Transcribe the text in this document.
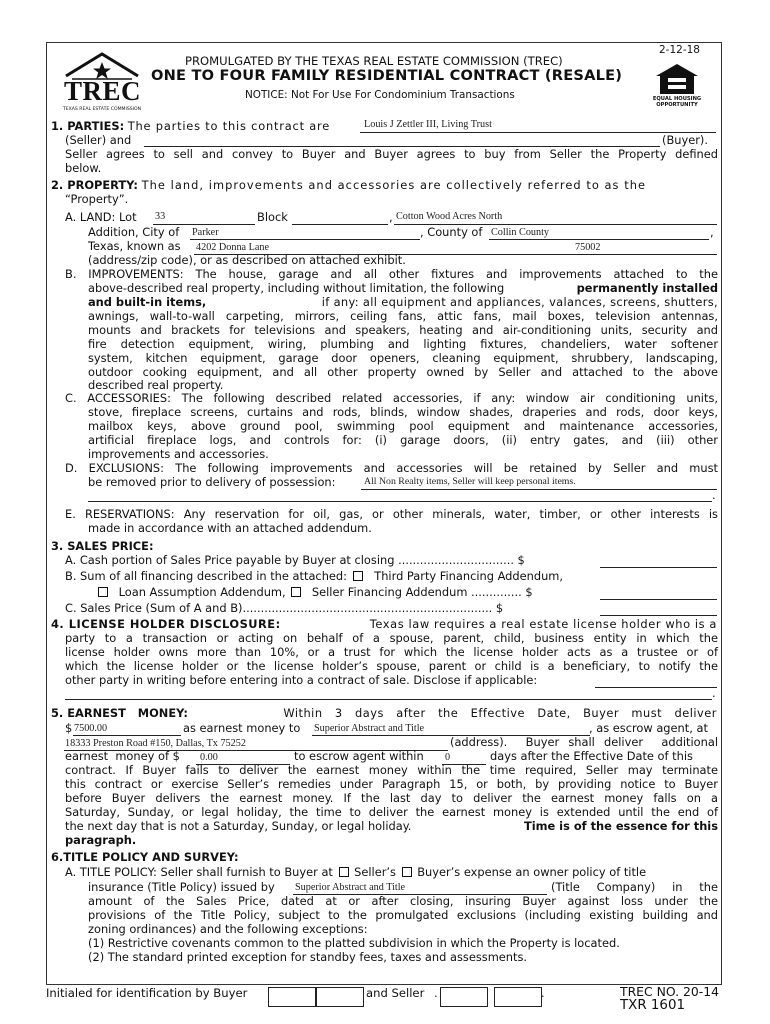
TREC
TEXAS REAL ESTATE COMMISSION
2-12-18
PROMULGATED BY THE TEXAS REAL ESTATE COMMISSION (TREC)
ONE TO FOUR FAMILY RESIDENTIAL CONTRACT (RESALE)
NOTICE: Not For Use For Condominium Transactions	EQUAL HOUSING OPPORTUNITY
1. PARTIES: The parties to this contract are	Louis J Zettler III, Living Trust
(Seller) and	(Buyer).
Seller agrees to sell and convey to Buyer and Buyer agrees to buy from Seller the Property defined
below.
2. PROPERTY: The land, improvements and accessories are collectively referred to as the
“Property”.
A. LAND: Lot 33	Block	, Cotton Wood Acres North
Addition, City of Parker	, County of Collin County	,
Texas, known as 4202 Donna Lane	75002
(address/zip code), or as described on attached exhibit.
B. IMPROVEMENTS: The house, garage and all other fixtures and improvements attached to the
above-described real property, including without limitation, the following	permanently installed
and built-in items,	if any: all equipment and appliances, valances, screens, shutters,
awnings, wall-to-wall carpeting, mirrors, ceiling fans, attic fans, mail boxes, television antennas,
mounts and brackets for televisions and speakers, heating and air-conditioning units, security and
fire detection equipment, wiring, plumbing and lighting fixtures, chandeliers, water softener
system, kitchen equipment, garage door openers, cleaning equipment, shrubbery, landscaping,
outdoor cooking equipment, and all other property owned by Seller and attached to the above
described real property.
C. ACCESSORIES: The following described related accessories, if any: window air conditioning units,
stove, fireplace screens, curtains and rods, blinds, window shades, draperies and rods, door keys,
mailbox keys, above ground pool, swimming pool equipment and maintenance accessories,
artificial fireplace logs, and controls for: (i) garage doors, (ii) entry gates, and (iii) other
improvements and accessories.
D. EXCLUSIONS: The following improvements and accessories will be retained by Seller and must
be removed prior to delivery of possession:	All Non Realty items, Seller will keep personal items.
.
E. RESERVATIONS: Any reservation for oil, gas, or other minerals, water, timber, or other interests is
made in accordance with an attached addendum.
3. SALES PRICE:
A. Cash portion of Sales Price payable by Buyer at closing ................................ $
B. Sum of all financing described in the attached: Third Party Financing Addendum,
Loan Assumption Addendum, Seller Financing Addendum .............. $
C. Sales Price (Sum of A and B)..................................................................... $
4. LICENSE HOLDER DISCLOSURE:	Texas law requires a real estate license holder who is a
party to a transaction or acting on behalf of a spouse, parent, child, business entity in which the
license holder owns more than 10%, or a trust for which the license holder acts as a trustee or of
which the license holder or the license holder’s spouse, parent or child is a beneficiary, to notify the
other party in writing before entering into a contract of sale. Disclose if applicable:
.
5. EARNEST   MONEY:	Within   3   days   after   the   Effective   Date,   Buyer   must   deliver
$ 7500.00	as earnest money to Superior Abstract and Title	, as escrow agent, at
18333 Preston Road #150, Dallas, Tx 75252	(address).  Buyer shall deliver  additional
earnest  money of $ 0.00	to escrow agent within 0	days after the Effective Date of this
contract. If Buyer fails to deliver the earnest money within the time required, Seller may terminate
this contract or exercise Seller’s remedies under Paragraph 15, or both, by providing notice to Buyer
before Buyer delivers the earnest money. If the last day to deliver the earnest money falls on a
Saturday, Sunday, or legal holiday, the time to deliver the earnest money is extended until the end of
the next day that is not a Saturday, Sunday, or legal holiday.	Time is of the essence for this
paragraph.
6.TITLE POLICY AND SURVEY:
A. TITLE POLICY: Seller shall furnish to Buyer at Seller’s Buyer’s expense an owner policy of title
insurance (Title Policy) issued by Superior Abstract and Title	(Title  Company)  in  the
amount of the Sales Price, dated at or after closing, insuring Buyer against loss under the
provisions of the Title Policy, subject to the promulgated exclusions (including existing building and
zoning ordinances) and the following exceptions:
(1) Restrictive covenants common to the platted subdivision in which the Property is located.
(2) The standard printed exception for standby fees, taxes and assessments.
Initialed for identification by Buyer	and Seller .	.	TREC NO. 20-14
TXR 1601
